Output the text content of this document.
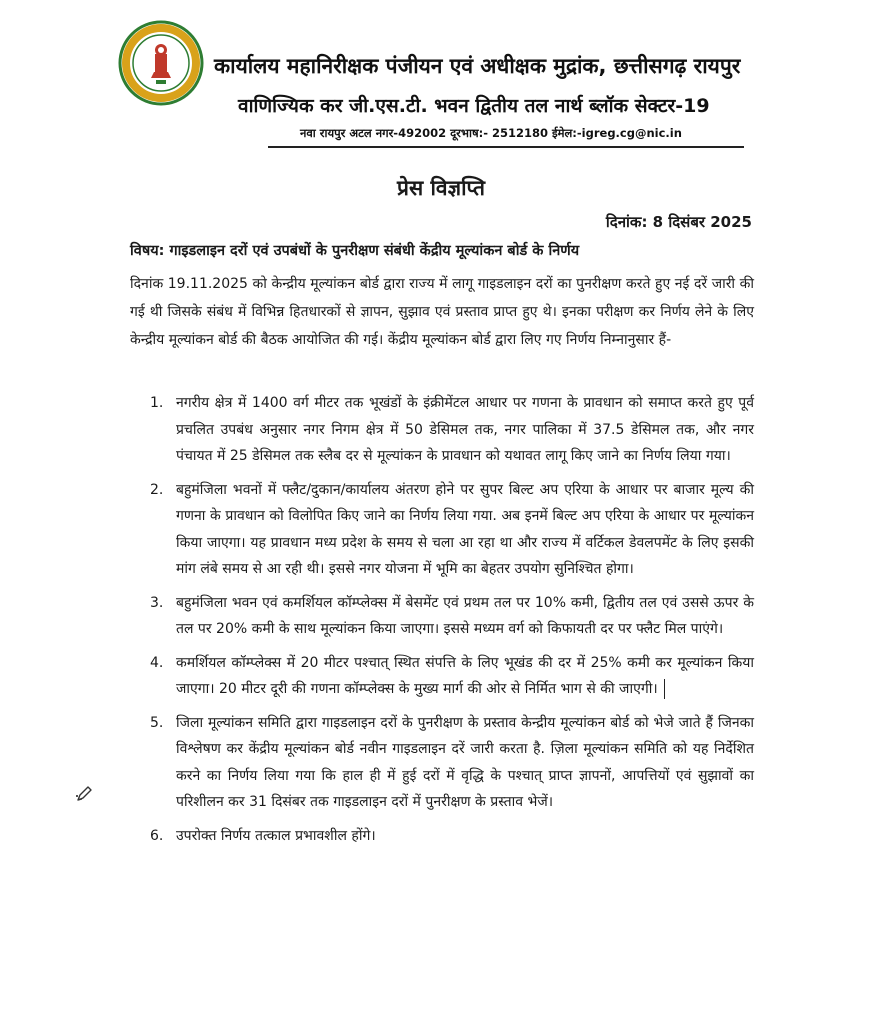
कार्यालय महानिरीक्षक पंजीयन एवं अधीक्षक मुद्रांक, छत्तीसगढ़ रायपुर
वाणिज्यिक कर जी.एस.टी. भवन द्वितीय तल नार्थ ब्लॉक सेक्टर-19
नवा रायपुर अटल नगर-492002 दूरभाष:- 2512180 ईमेल:-igreg.cg@nic.in
प्रेस विज्ञप्ति
दिनांक: 8 दिसंबर 2025
विषय: गाइडलाइन दरों एवं उपबंधों के पुनरीक्षण संबंधी केंद्रीय मूल्यांकन बोर्ड के निर्णय
दिनांक 19.11.2025 को केन्द्रीय मूल्यांकन बोर्ड द्वारा राज्य में लागू गाइडलाइन दरों का पुनरीक्षण करते हुए नई दरें जारी की गई थी जिसके संबंध में विभिन्न हितधारकों से ज्ञापन, सुझाव एवं प्रस्ताव प्राप्त हुए थे। इनका परीक्षण कर निर्णय लेने के लिए केन्द्रीय मूल्यांकन बोर्ड की बैठक आयोजित की गई। केंद्रीय मूल्यांकन बोर्ड द्वारा लिए गए निर्णय निम्नानुसार हैं-
1. नगरीय क्षेत्र में 1400 वर्ग मीटर तक भूखंडों के इंक्रीमेंटल आधार पर गणना के प्रावधान को समाप्त करते हुए पूर्व प्रचलित उपबंध अनुसार नगर निगम क्षेत्र में 50 डेसिमल तक, नगर पालिका में 37.5 डेसिमल तक, और नगर पंचायत में 25 डेसिमल तक स्लैब दर से मूल्यांकन के प्रावधान को यथावत लागू किए जाने का निर्णय लिया गया।
2. बहुमंजिला भवनों में फ्लैट/दुकान/कार्यालय अंतरण होने पर सुपर बिल्ट अप एरिया के आधार पर बाजार मूल्य की गणना के प्रावधान को विलोपित किए जाने का निर्णय लिया गया. अब इनमें बिल्ट अप एरिया के आधार पर मूल्यांकन किया जाएगा। यह प्रावधान मध्य प्रदेश के समय से चला आ रहा था और राज्य में वर्टिकल डेवलपमेंट के लिए इसकी मांग लंबे समय से आ रही थी। इससे नगर योजना में भूमि का बेहतर उपयोग सुनिश्चित होगा।
3. बहुमंजिला भवन एवं कमर्शियल कॉम्प्लेक्स में बेसमेंट एवं प्रथम तल पर 10% कमी, द्वितीय तल एवं उससे ऊपर के तल पर 20% कमी के साथ मूल्यांकन किया जाएगा। इससे मध्यम वर्ग को किफायती दर पर फ्लैट मिल पाएंगे।
4. कमर्शियल कॉम्प्लेक्स में 20 मीटर पश्चात् स्थित संपत्ति के लिए भूखंड की दर में 25% कमी कर मूल्यांकन किया जाएगा। 20 मीटर दूरी की गणना कॉम्प्लेक्स के मुख्य मार्ग की ओर से निर्मित भाग से की जाएगी।
5. जिला मूल्यांकन समिति द्वारा गाइडलाइन दरों के पुनरीक्षण के प्रस्ताव केन्द्रीय मूल्यांकन बोर्ड को भेजे जाते हैं जिनका विश्लेषण कर केंद्रीय मूल्यांकन बोर्ड नवीन गाइडलाइन दरें जारी करता है. ज़िला मूल्यांकन समिति को यह निर्देशित करने का निर्णय लिया गया कि हाल ही में हुई दरों में वृद्धि के पश्चात् प्राप्त ज्ञापनों, आपत्तियों एवं सुझावों का परिशीलन कर 31 दिसंबर तक गाइडलाइन दरों में पुनरीक्षण के प्रस्ताव भेजें।
6. उपरोक्त निर्णय तत्काल प्रभावशील होंगे।
